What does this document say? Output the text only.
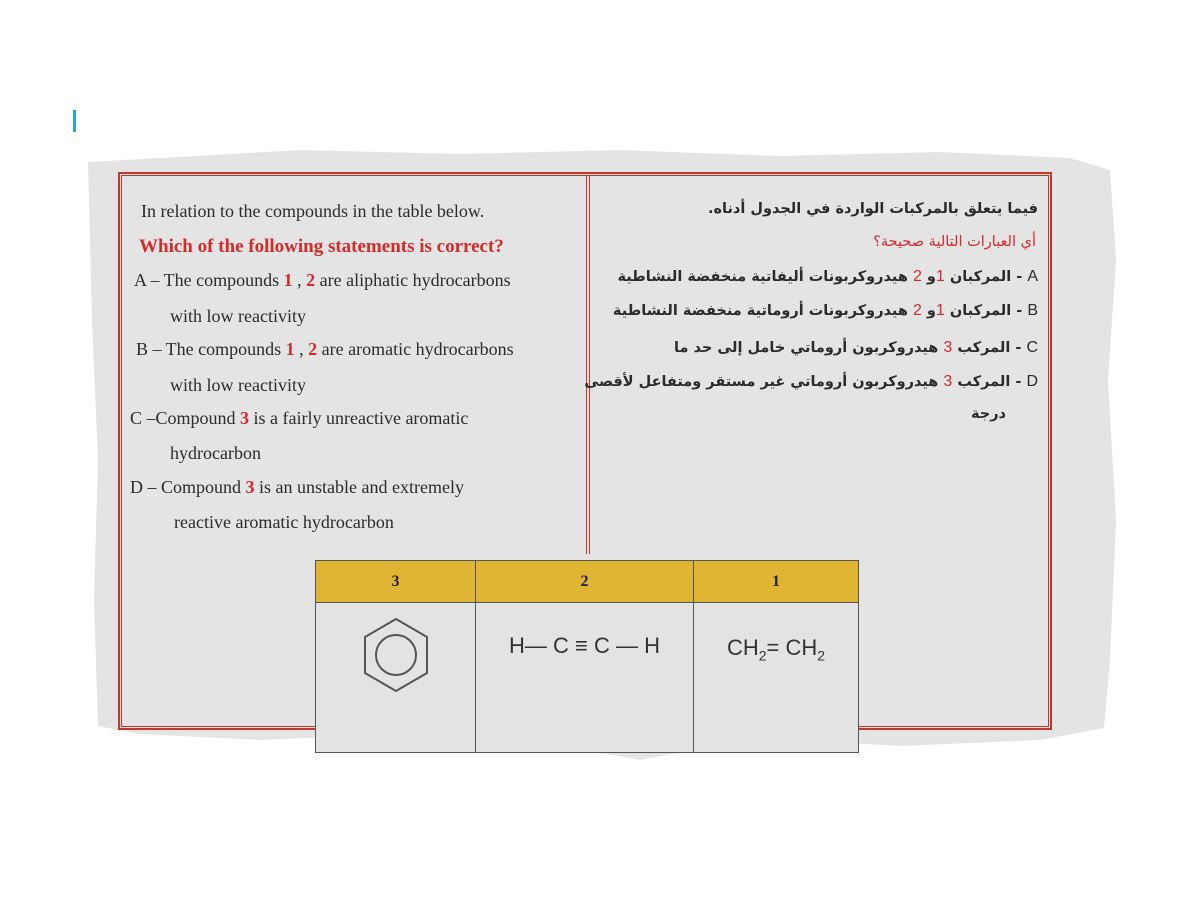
In relation to the compounds in the table below.
Which of the following statements is correct?
A – The compounds 1 , 2 are aliphatic hydrocarbons
with low reactivity
B – The compounds 1 , 2 are aromatic hydrocarbons
with low reactivity
C –Compound 3 is a fairly unreactive aromatic
hydrocarbon
D – Compound 3 is an unstable and extremely
reactive aromatic hydrocarbon
فيما يتعلق بالمركبات الواردة في الجدول أدناه.
أي العبارات التالية صحيحة؟
A - المركبان 1و 2 هيدروكربونات أليفاتية منخفضة النشاطية
B - المركبان 1و 2 هيدروكربونات أروماتية منخفضة النشاطية
C - المركب 3 هيدروكربون أروماتي خامل إلى حد ما
D - المركب 3 هيدروكربون أروماتي غير مستقر ومتفاعل لأقصى
درجة
3	2	1
	H— C ≡ C — H	$CH_2= CH_2$
